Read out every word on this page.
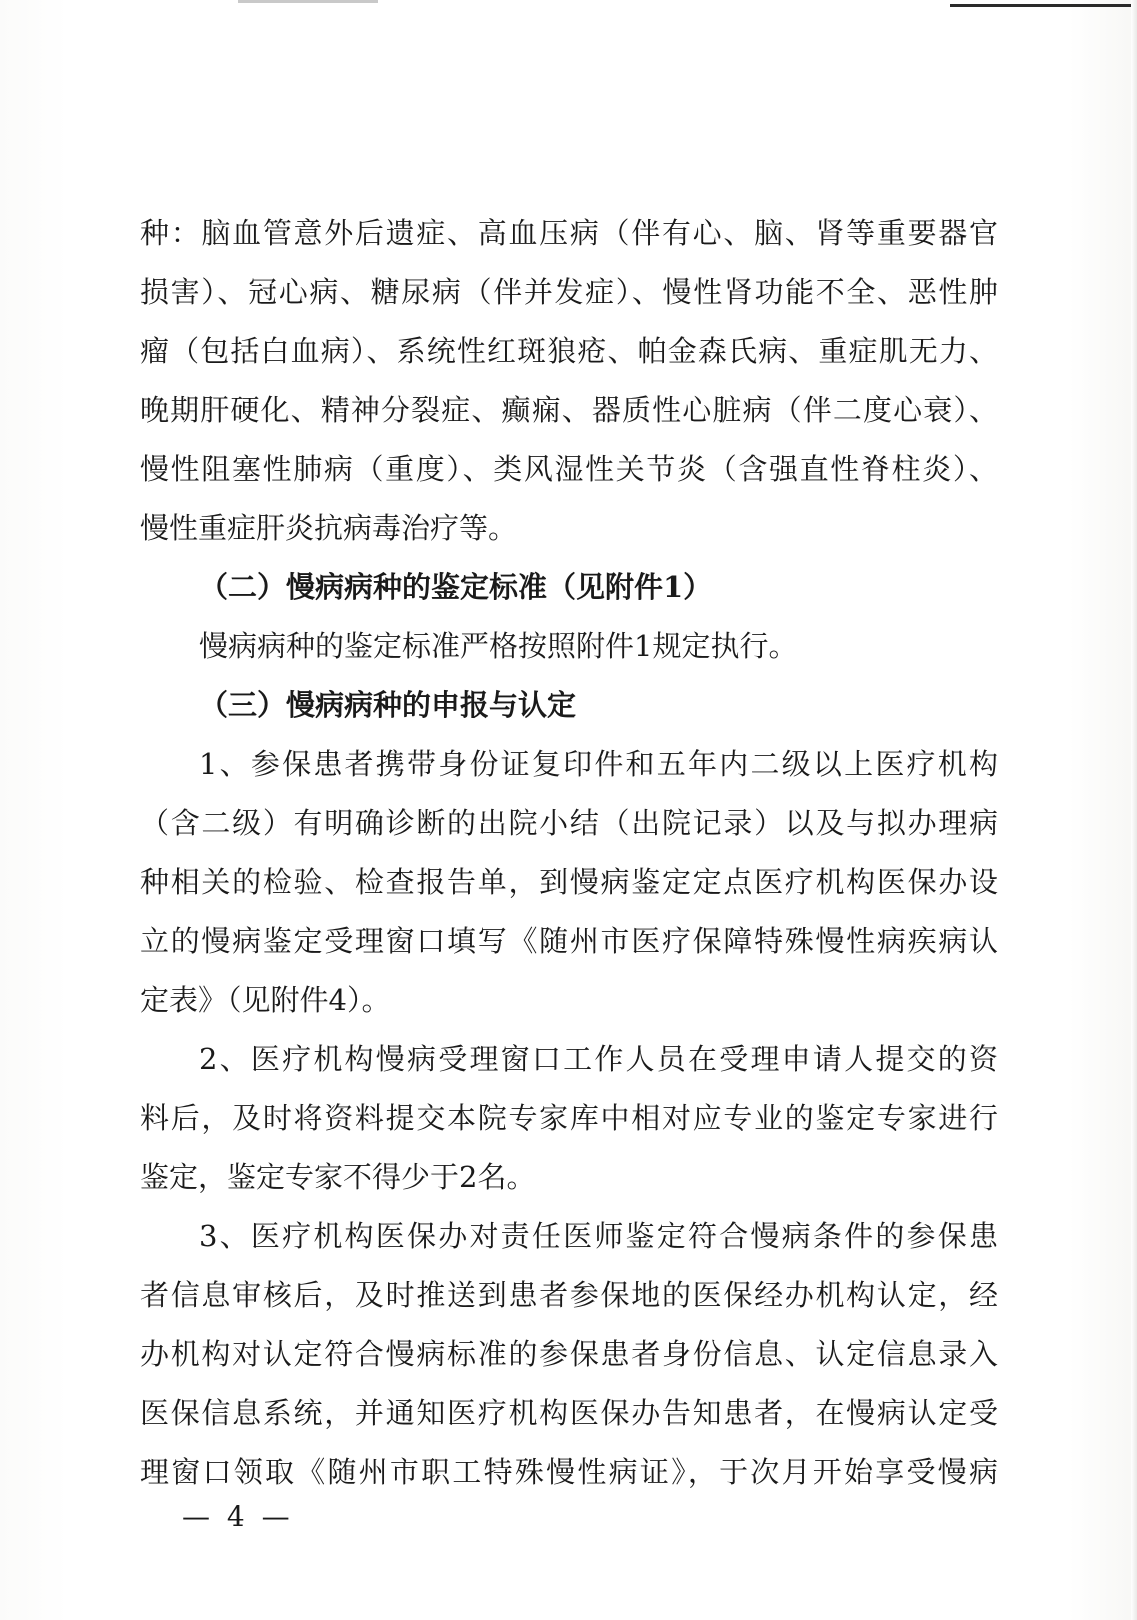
种：脑血管意外后遗症、高血压病（伴有心、脑、肾等重要器官
损害）、冠心病、糖尿病（伴并发症）、慢性肾功能不全、恶性肿
瘤（包括白血病）、系统性红斑狼疮、帕金森氏病、重症肌无力、
晚期肝硬化、精神分裂症、癫痫、器质性心脏病（伴二度心衰）、
慢性阻塞性肺病（重度）、类风湿性关节炎（含强直性脊柱炎）、
慢性重症肝炎抗病毒治疗等。
（二）慢病病种的鉴定标准（见附件1）
慢病病种的鉴定标准严格按照附件1规定执行。
（三）慢病病种的申报与认定
1、参保患者携带身份证复印件和五年内二级以上医疗机构
（含二级）有明确诊断的出院小结（出院记录）以及与拟办理病
种相关的检验、检查报告单，到慢病鉴定定点医疗机构医保办设
立的慢病鉴定受理窗口填写《随州市医疗保障特殊慢性病疾病认
定表》（见附件4）。
2、医疗机构慢病受理窗口工作人员在受理申请人提交的资
料后，及时将资料提交本院专家库中相对应专业的鉴定专家进行
鉴定，鉴定专家不得少于2名。
3、医疗机构医保办对责任医师鉴定符合慢病条件的参保患
者信息审核后，及时推送到患者参保地的医保经办机构认定，经
办机构对认定符合慢病标准的参保患者身份信息、认定信息录入
医保信息系统，并通知医疗机构医保办告知患者，在慢病认定受
理窗口领取《随州市职工特殊慢性病证》，于次月开始享受慢病
— 4 —
